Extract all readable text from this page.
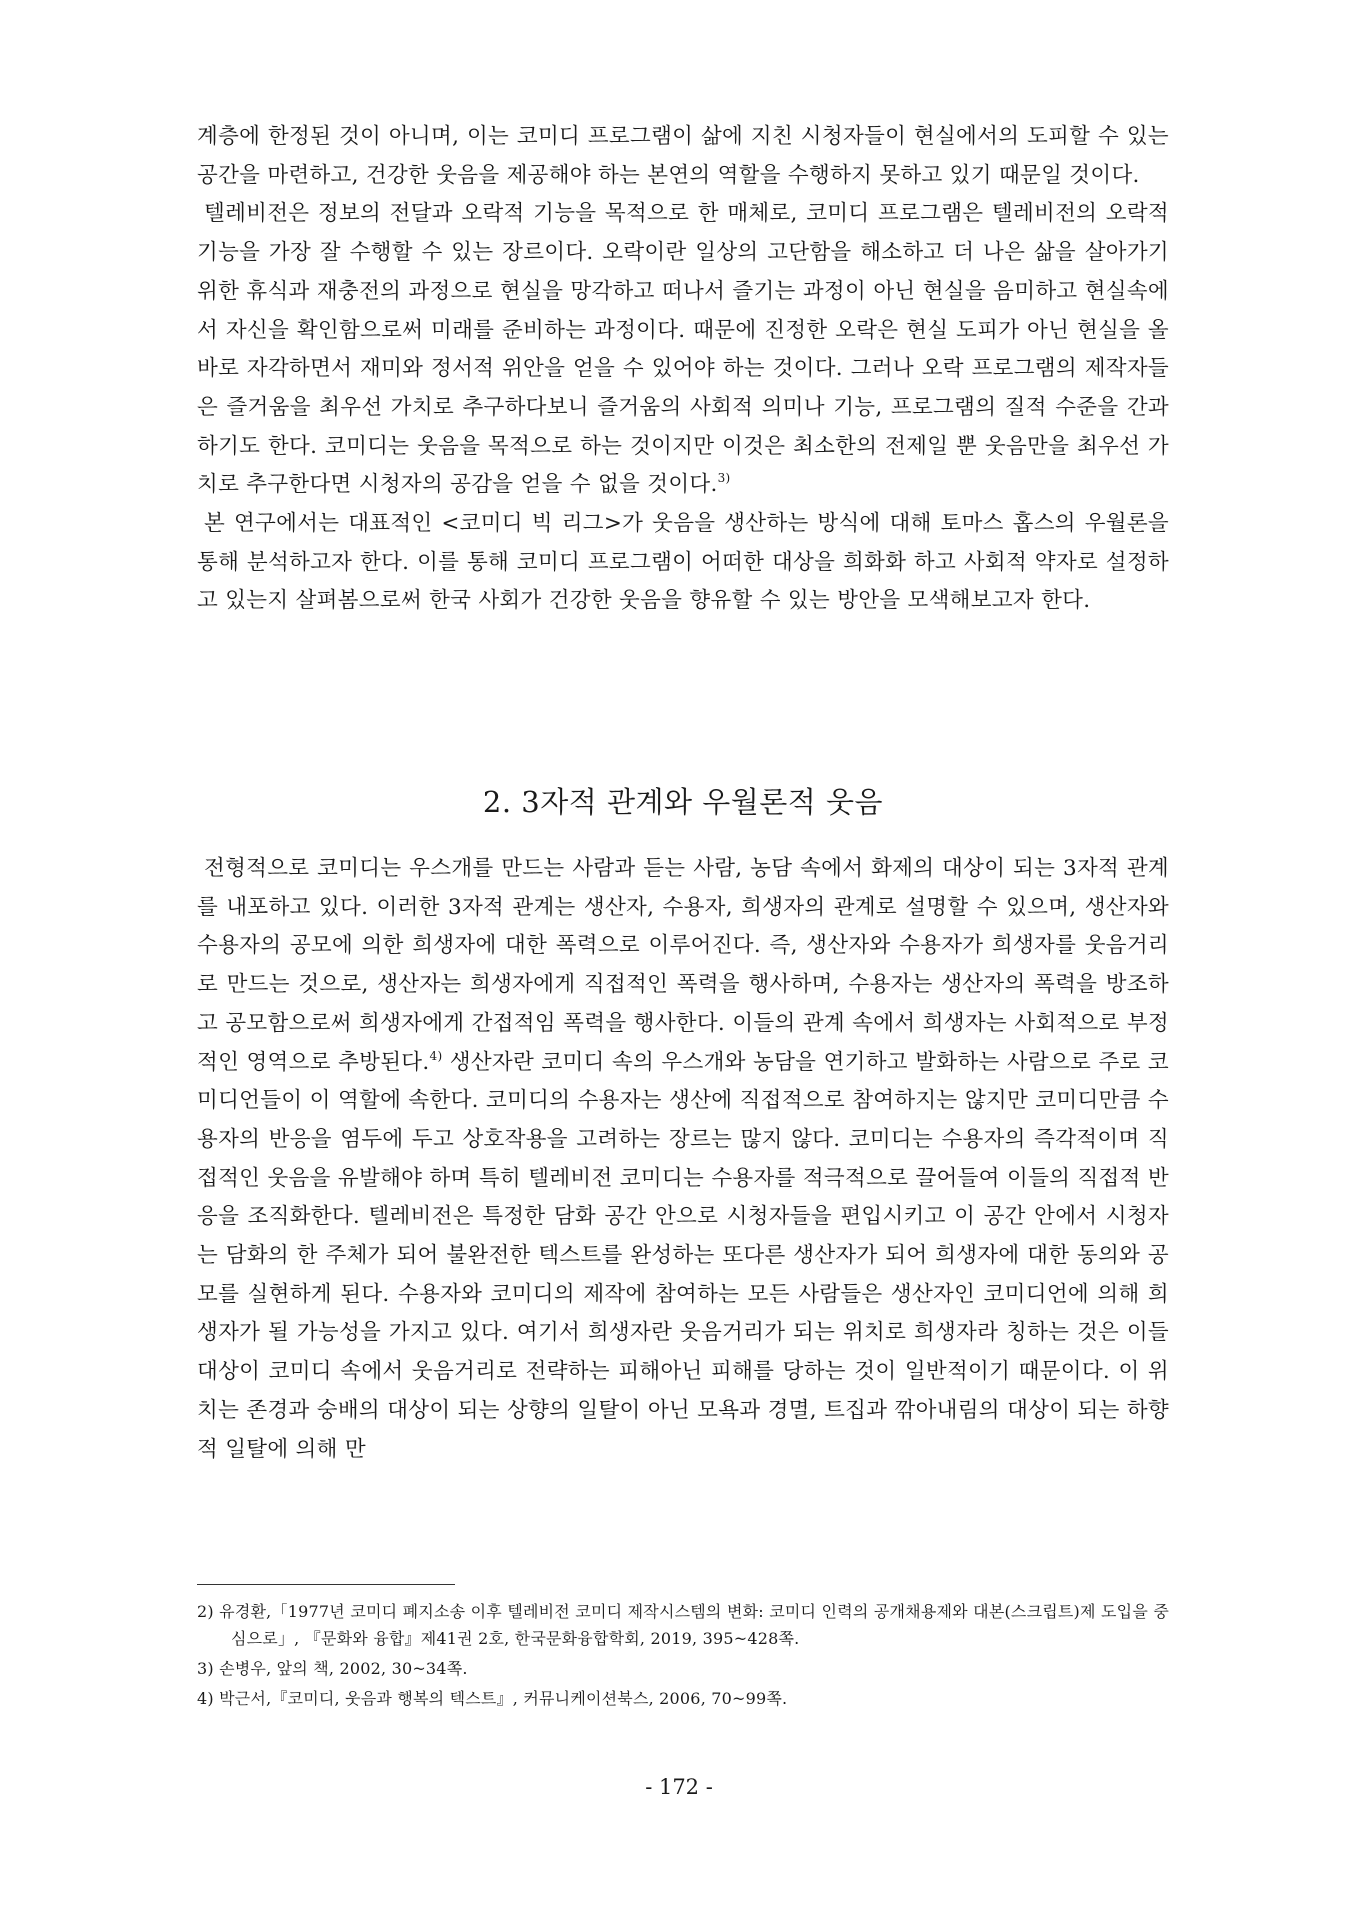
계층에 한정된 것이 아니며, 이는 코미디 프로그램이 삶에 지친 시청자들이 현실에서의 도피할 수 있는 공간을 마련하고, 건강한 웃음을 제공해야 하는 본연의 역할을 수행하지 못하고 있기 때문일 것이다.

텔레비전은 정보의 전달과 오락적 기능을 목적으로 한 매체로, 코미디 프로그램은 텔레비전의 오락적 기능을 가장 잘 수행할 수 있는 장르이다. 오락이란 일상의 고단함을 해소하고 더 나은 삶을 살아가기 위한 휴식과 재충전의 과정으로 현실을 망각하고 떠나서 즐기는 과정이 아닌 현실을 음미하고 현실속에서 자신을 확인함으로써 미래를 준비하는 과정이다. 때문에 진정한 오락은 현실 도피가 아닌 현실을 올바로 자각하면서 재미와 정서적 위안을 얻을 수 있어야 하는 것이다. 그러나 오락 프로그램의 제작자들은 즐거움을 최우선 가치로 추구하다보니 즐거움의 사회적 의미나 기능, 프로그램의 질적 수준을 간과하기도 한다. 코미디는 웃음을 목적으로 하는 것이지만 이것은 최소한의 전제일 뿐 웃음만을 최우선 가치로 추구한다면 시청자의 공감을 얻을 수 없을 것이다.$^{3)}$

본 연구에서는 대표적인 <코미디 빅 리그>가 웃음을 생산하는 방식에 대해 토마스 홉스의 우월론을 통해 분석하고자 한다. 이를 통해 코미디 프로그램이 어떠한 대상을 희화화 하고 사회적 약자로 설정하고 있는지 살펴봄으로써 한국 사회가 건강한 웃음을 향유할 수 있는 방안을 모색해보고자 한다.

2. 3자적 관계와 우월론적 웃음

전형적으로 코미디는 우스개를 만드는 사람과 듣는 사람, 농담 속에서 화제의 대상이 되는 3자적 관계를 내포하고 있다. 이러한 3자적 관계는 생산자, 수용자, 희생자의 관계로 설명할 수 있으며, 생산자와 수용자의 공모에 의한 희생자에 대한 폭력으로 이루어진다. 즉, 생산자와 수용자가 희생자를 웃음거리로 만드는 것으로, 생산자는 희생자에게 직접적인 폭력을 행사하며, 수용자는 생산자의 폭력을 방조하고 공모함으로써 희생자에게 간접적임 폭력을 행사한다. 이들의 관계 속에서 희생자는 사회적으로 부정적인 영역으로 추방된다.$^{4)}$ 생산자란 코미디 속의 우스개와 농담을 연기하고 발화하는 사람으로 주로 코미디언들이 이 역할에 속한다. 코미디의 수용자는 생산에 직접적으로 참여하지는 않지만 코미디만큼 수용자의 반응을 염두에 두고 상호작용을 고려하는 장르는 많지 않다. 코미디는 수용자의 즉각적이며 직접적인 웃음을 유발해야 하며 특히 텔레비전 코미디는 수용자를 적극적으로 끌어들여 이들의 직접적 반응을 조직화한다. 텔레비전은 특정한 담화 공간 안으로 시청자들을 편입시키고 이 공간 안에서 시청자는 담화의 한 주체가 되어 불완전한 텍스트를 완성하는 또다른 생산자가 되어 희생자에 대한 동의와 공모를 실현하게 된다. 수용자와 코미디의 제작에 참여하는 모든 사람들은 생산자인 코미디언에 의해 희생자가 될 가능성을 가지고 있다. 여기서 희생자란 웃음거리가 되는 위치로 희생자라 칭하는 것은 이들 대상이 코미디 속에서 웃음거리로 전략하는 피해아닌 피해를 당하는 것이 일반적이기 때문이다. 이 위치는 존경과 숭배의 대상이 되는 상향의 일탈이 아닌 모욕과 경멸, 트집과 깎아내림의 대상이 되는 하향적 일탈에 의해 만

2) 유경환,「1977년 코미디 폐지소송 이후 텔레비전 코미디 제작시스템의 변화: 코미디 인력의 공개채용제와 대본(스크립트)제 도입을 중심으로」, 『문화와 융합』제41권 2호, 한국문화융합학회, 2019, 395~428쪽.

3) 손병우, 앞의 책, 2002, 30~34쪽.

4) 박근서,『코미디, 웃음과 행복의 텍스트』, 커뮤니케이션북스, 2006, 70~99쪽.

- 172 -
